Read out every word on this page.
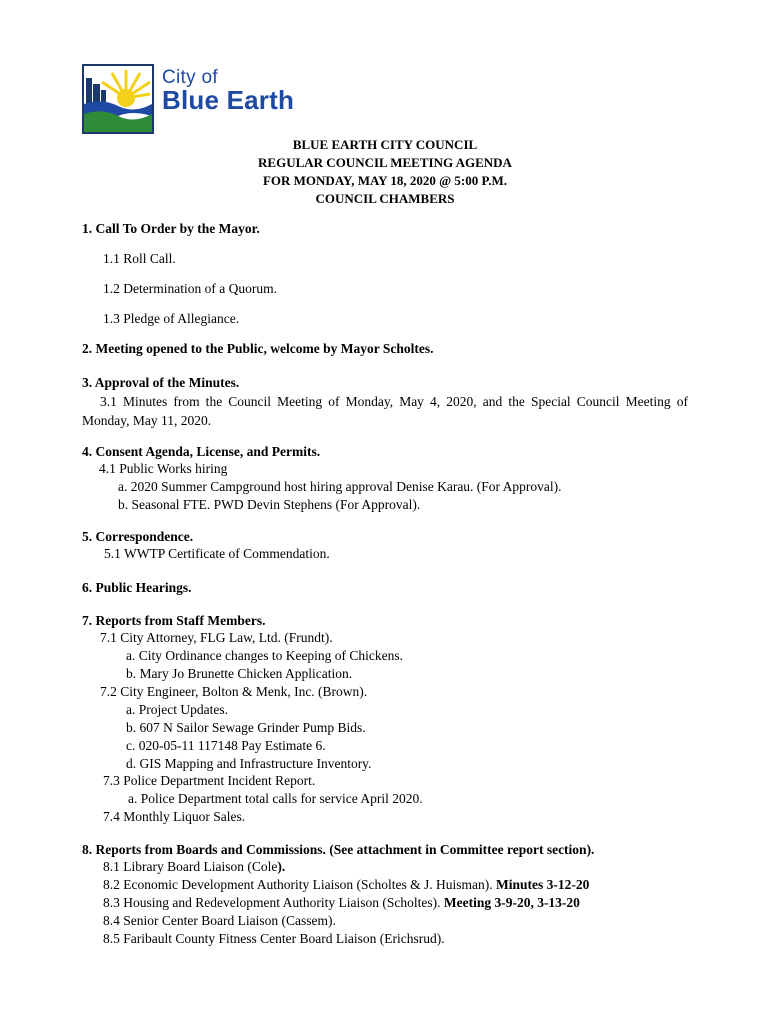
City of
Blue Earth
BLUE EARTH CITY COUNCIL
REGULAR COUNCIL MEETING AGENDA
FOR MONDAY, MAY 18, 2020 @ 5:00 P.M.
COUNCIL CHAMBERS
1. Call To Order by the Mayor.
1.1 Roll Call.
1.2 Determination of a Quorum.
1.3 Pledge of Allegiance.
2. Meeting opened to the Public, welcome by Mayor Scholtes.
3. Approval of the Minutes.
3.1 Minutes from the Council Meeting of Monday, May 4, 2020, and the Special Council Meeting of Monday, May 11, 2020.
4. Consent Agenda, License, and Permits.
4.1 Public Works hiring
a. 2020 Summer Campground host hiring approval Denise Karau. (For Approval).
b. Seasonal FTE. PWD Devin Stephens (For Approval).
5. Correspondence.
5.1 WWTP Certificate of Commendation.
6. Public Hearings.
7. Reports from Staff Members.
7.1 City Attorney, FLG Law, Ltd. (Frundt).
a. City Ordinance changes to Keeping of Chickens.
b. Mary Jo Brunette Chicken Application.
7.2 City Engineer, Bolton & Menk, Inc. (Brown).
a. Project Updates.
b. 607 N Sailor Sewage Grinder Pump Bids.
c. 020-05-11 117148 Pay Estimate 6.
d. GIS Mapping and Infrastructure Inventory.
7.3 Police Department Incident Report.
a. Police Department total calls for service April 2020.
7.4 Monthly Liquor Sales.
8. Reports from Boards and Commissions. (See attachment in Committee report section).
8.1 Library Board Liaison (Cole).
8.2 Economic Development Authority Liaison (Scholtes & J. Huisman). Minutes 3-12-20
8.3 Housing and Redevelopment Authority Liaison (Scholtes). Meeting 3-9-20, 3-13-20
8.4 Senior Center Board Liaison (Cassem).
8.5 Faribault County Fitness Center Board Liaison (Erichsrud).
